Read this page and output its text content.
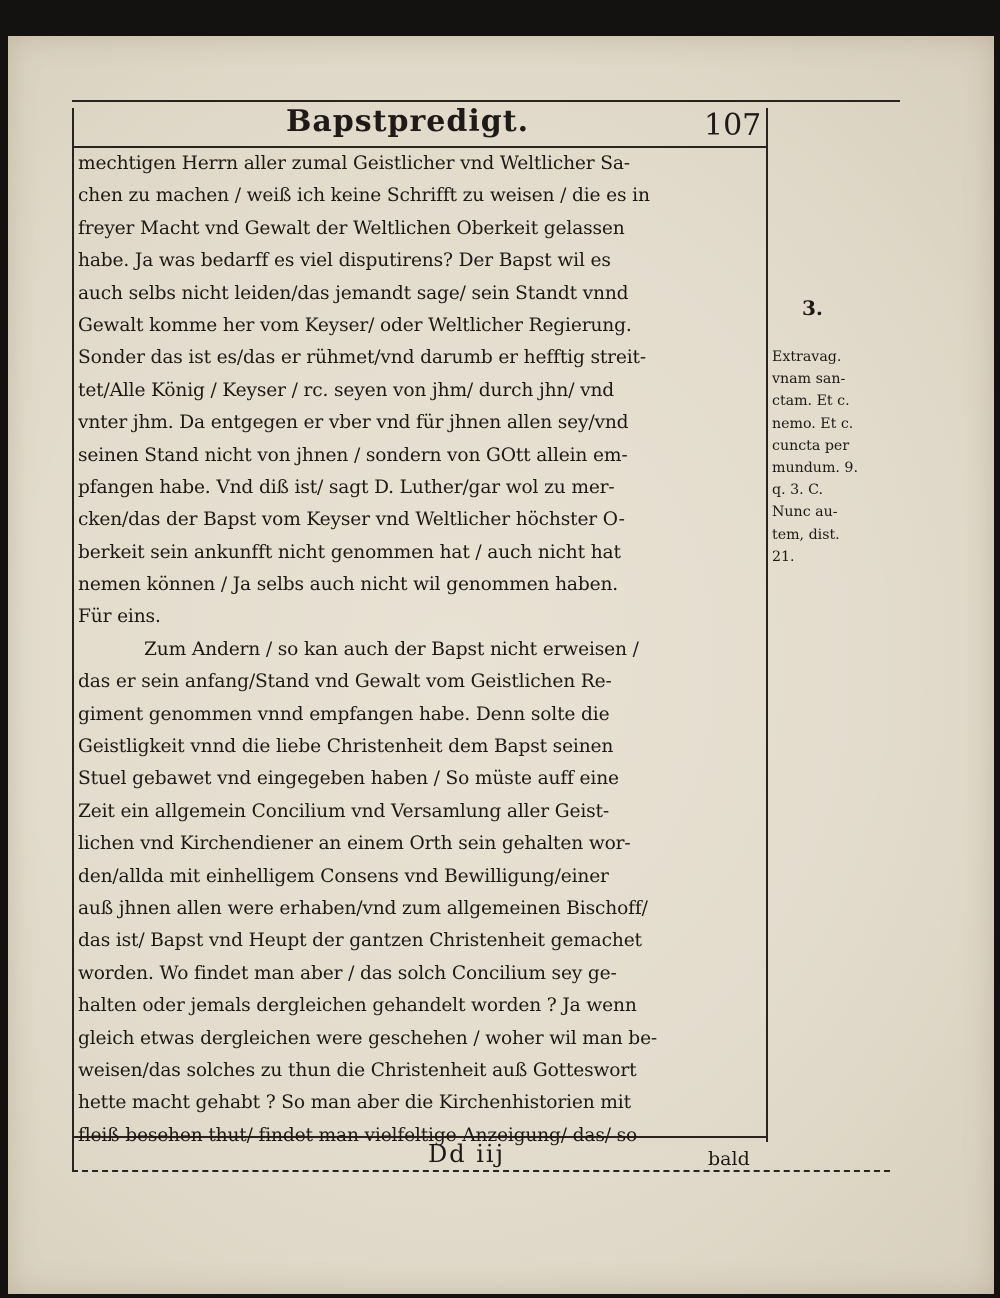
Bapstpredigt.	107
mechtigen Herrn aller zumal Geistlicher vnd Weltlicher Sa-
chen zu machen / weiß ich keine Schrifft zu weisen / die es in
freyer Macht vnd Gewalt der Weltlichen Oberkeit gelassen
habe. Ja was bedarff es viel disputirens? Der Bapst wil es
auch selbs nicht leiden/das jemandt sage/ sein Standt vnnd
Gewalt komme her vom Keyser/ oder Weltlicher Regierung.
Sonder das ist es/das er rühmet/vnd darumb er hefftig streit-
tet/Alle König / Keyser / rc. seyen von jhm/ durch jhn/ vnd
vnter jhm. Da entgegen er vber vnd für jhnen allen sey/vnd
seinen Stand nicht von jhnen / sondern von GOtt allein em-
pfangen habe. Vnd diß ist/ sagt D. Luther/gar wol zu mer-
cken/das der Bapst vom Keyser vnd Weltlicher höchster O-
berkeit sein ankunfft nicht genommen hat / auch nicht hat
nemen können / Ja selbs auch nicht wil genommen haben.
Für eins.
Zum Andern / so kan auch der Bapst nicht erweisen /
das er sein anfang/Stand vnd Gewalt vom Geistlichen Re-
giment genommen vnnd empfangen habe. Denn solte die
Geistligkeit vnnd die liebe Christenheit dem Bapst seinen
Stuel gebawet vnd eingegeben haben / So müste auff eine
Zeit ein allgemein Concilium vnd Versamlung aller Geist-
lichen vnd Kirchendiener an einem Orth sein gehalten wor-
den/allda mit einhelligem Consens vnd Bewilligung/einer
auß jhnen allen were erhaben/vnd zum allgemeinen Bischoff/
das ist/ Bapst vnd Heupt der gantzen Christenheit gemachet
worden. Wo findet man aber / das solch Concilium sey ge-
halten oder jemals dergleichen gehandelt worden ? Ja wenn
gleich etwas dergleichen were geschehen / woher wil man be-
weisen/das solches zu thun die Christenheit auß Gotteswort
hette macht gehabt ? So man aber die Kirchenhistorien mit
fleiß besehen thut/ findet man vielfeltige Anzeigung/ das/ so
3.
Extravag.
vnam san-
ctam. Et c.
nemo. Et c.
cuncta per
mundum. 9.
q. 3. C.
Nunc au-
tem, dist.
21.
Dd iij	bald
